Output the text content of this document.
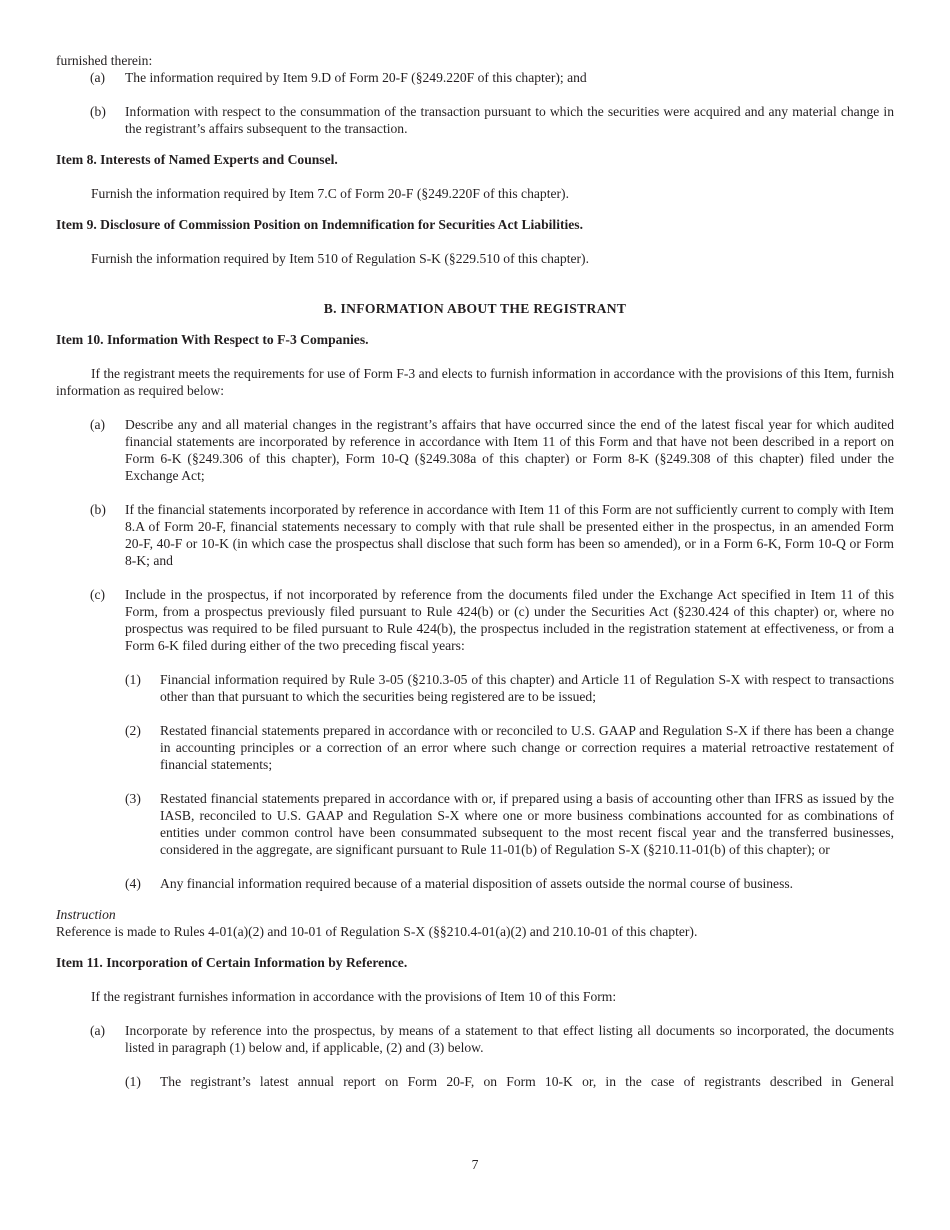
furnished therein:

(a)	The information required by Item 9.D of Form 20-F (§249.220F of this chapter); and
(b)	Information with respect to the consummation of the transaction pursuant to which the securities were acquired and any material change in the registrant’s affairs subsequent to the transaction.

Item 8. Interests of Named Experts and Counsel.

Furnish the information required by Item 7.C of Form 20-F (§249.220F of this chapter).

Item 9. Disclosure of Commission Position on Indemnification for Securities Act Liabilities.

Furnish the information required by Item 510 of Regulation S-K (§229.510 of this chapter).

B. INFORMATION ABOUT THE REGISTRANT

Item 10. Information With Respect to F-3 Companies.

If the registrant meets the requirements for use of Form F-3 and elects to furnish information in accordance with the provisions of this Item, furnish information as required below:

(a)	Describe any and all material changes in the registrant’s affairs that have occurred since the end of the latest fiscal year for which audited financial statements are incorporated by reference in accordance with Item 11 of this Form and that have not been described in a report on Form 6-K (§249.306 of this chapter), Form 10-Q (§249.308a of this chapter) or Form 8-K (§249.308 of this chapter) filed under the Exchange Act;
(b)	If the financial statements incorporated by reference in accordance with Item 11 of this Form are not sufficiently current to comply with Item 8.A of Form 20-F, financial statements necessary to comply with that rule shall be presented either in the prospectus, in an amended Form 20-F, 40-F or 10-K (in which case the prospectus shall disclose that such form has been so amended), or in a Form 6-K, Form 10-Q or Form 8-K; and
(c)	Include in the prospectus, if not incorporated by reference from the documents filed under the Exchange Act specified in Item 11 of this Form, from a prospectus previously filed pursuant to Rule 424(b) or (c) under the Securities Act (§230.424 of this chapter) or, where no prospectus was required to be filed pursuant to Rule 424(b), the prospectus included in the registration statement at effectiveness, or from a Form 6-K filed during either of the two preceding fiscal years:
(1)	Financial information required by Rule 3-05 (§210.3-05 of this chapter) and Article 11 of Regulation S-X with respect to transactions other than that pursuant to which the securities being registered are to be issued;
(2)	Restated financial statements prepared in accordance with or reconciled to U.S. GAAP and Regulation S-X if there has been a change in accounting principles or a correction of an error where such change or correction requires a material retroactive restatement of financial statements;
(3)	Restated financial statements prepared in accordance with or, if prepared using a basis of accounting other than IFRS as issued by the IASB, reconciled to U.S. GAAP and Regulation S-X where one or more business combinations accounted for as combinations of entities under common control have been consummated subsequent to the most recent fiscal year and the transferred businesses, considered in the aggregate, are significant pursuant to Rule 11-01(b) of Regulation S-X (§210.11-01(b) of this chapter); or
(4)	Any financial information required because of a material disposition of assets outside the normal course of business.

Instruction

Reference is made to Rules 4-01(a)(2) and 10-01 of Regulation S-X (§§210.4-01(a)(2) and 210.10-01 of this chapter).

Item 11. Incorporation of Certain Information by Reference.

If the registrant furnishes information in accordance with the provisions of Item 10 of this Form:

(a)	Incorporate by reference into the prospectus, by means of a statement to that effect listing all documents so incorporated, the documents listed in paragraph (1) below and, if applicable, (2) and (3) below.
(1)	The registrant’s latest annual report on Form 20-F, on Form 10-K or, in the case of registrants described in General
7
